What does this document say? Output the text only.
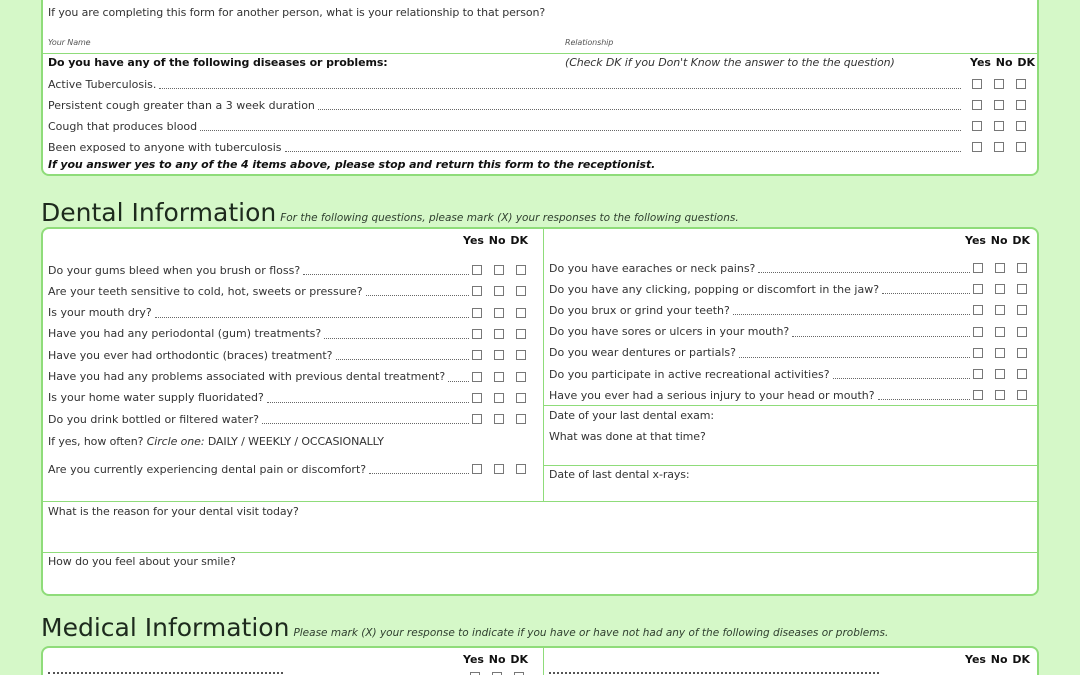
If you are completing this form for another person, what is your relationship to that person?
Your Name	Relationship
Do you have any of the following diseases or problems:	(Check DK if you Don't Know the answer to the the question)	Yes No DK
Active Tuberculosis.
Persistent cough greater than a 3 week duration
Cough that produces blood
Been exposed to anyone with tuberculosis
If you answer yes to any of the 4 items above, please stop and return this form to the receptionist.
Dental Information For the following questions, please mark (X) your responses to the following questions.
Yes No DK	Yes No DK
Do your gums bleed when you brush or floss?
Are your teeth sensitive to cold, hot, sweets or pressure?
Is your mouth dry?
Have you had any periodontal (gum) treatments?
Have you ever had orthodontic (braces) treatment?
Have you had any problems associated with previous dental treatment?
Is your home water supply fluoridated?
Do you drink bottled or filtered water?
If yes, how often? Circle one: DAILY / WEEKLY / OCCASIONALLY
Are you currently experiencing dental pain or discomfort?
Do you have earaches or neck pains?
Do you have any clicking, popping or discomfort in the jaw?
Do you brux or grind your teeth?
Do you have sores or ulcers in your mouth?
Do you wear dentures or partials?
Do you participate in active recreational activities?
Have you ever had a serious injury to your head or mouth?
Date of your last dental exam:
What was done at that time?
Date of last dental x-rays:
What is the reason for your dental visit today?
How do you feel about your smile?
Medical Information Please mark (X) your response to indicate if you have or have not had any of the following diseases or problems.
Yes No DK	Yes No DK
